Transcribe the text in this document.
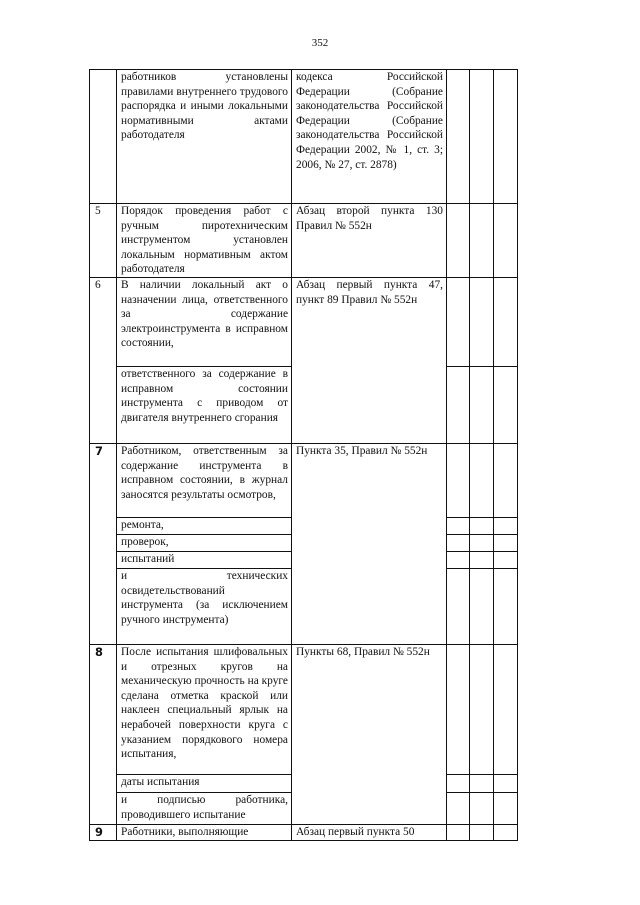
352
	работников установлены правилами внутреннего трудового распорядка и иными локальными нормативными актами работодателя	кодекса Российской Федерации (Собрание законодательства Российской Федерации (Собрание законодательства Российской Федерации 2002, № 1, ст. 3; 2006, № 27, ст. 2878)			
5	Порядок проведения работ с ручным пиротехническим инструментом установлен локальным нормативным актом работодателя	Абзац второй пункта 130 Правил № 552н			
6	В наличии локальный акт о назначении лица, ответственного за содержание электроинструмента в исправном состоянии,	Абзац первый пункта 47, пункт 89 Правил № 552н			
	ответственного за содержание в исправном состоянии инструмента с приводом от двигателя внутреннего сгорания				
7	Работником, ответственным за содержание инструмента в исправном состоянии, в журнал заносятся результаты осмотров,	Пункта 35, Правил № 552н			
	ремонта,				
	проверок,				
	испытаний				
	и технических освидетельствований инструмента (за исключением ручного инструмента)				
8	После испытания шлифовальных и отрезных кругов на механическую прочность на круге сделана отметка краской или наклеен специальный ярлык на нерабочей поверхности круга с указанием порядкового номера испытания,	Пункты 68, Правил № 552н			
	даты испытания				
	и подписью работника, проводившего испытание				
9	Работники, выполняющие	Абзац первый пункта 50			
